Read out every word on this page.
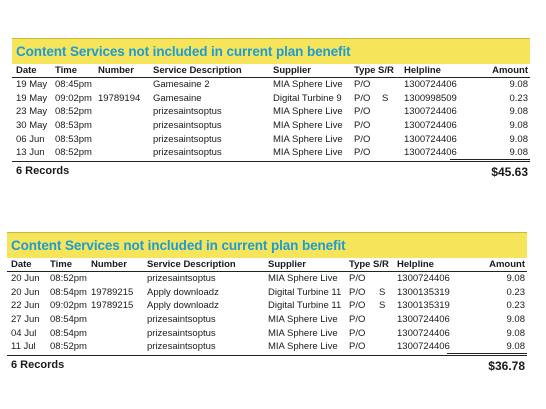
Content Services not included in current plan benefit
Date Time Number Service Description	Supplier	Type S/R Helpline	Amount
19 May 08:45pm	Gamesaine 2	MIA Sphere Live P/O	1300724406	9.08
19 May 09:02pm 19789194 Gamesaine	Digital Turbine 9 P/O S 1300998509	0.23
23 May 08:52pm	prizesaintsoptus	MIA Sphere Live P/O	1300724406	9.08
30 May 08:53pm	prizesaintsoptus	MIA Sphere Live P/O	1300724406	9.08
06 Jun 08:53pm	prizesaintsoptus	MIA Sphere Live P/O	1300724406	9.08
13 Jun 08:52pm	prizesaintsoptus	MIA Sphere Live P/O	1300724406	9.08
6 Records	$45.63
Content Services not included in current plan benefit
Date Time Number Service Description	Supplier	Type S/R Helpline	Amount
20 Jun 08:52pm	prizesaintsoptus	MIA Sphere Live P/O	1300724406	9.08
20 Jun 08:54pm 19789215 Apply downloadz	Digital Turbine 11 P/O S 1300135319	0.23
22 Jun 09:02pm 19789215 Apply downloadz	Digital Turbine 11 P/O S 1300135319	0.23
27 Jun 08:54pm	prizesaintsoptus	MIA Sphere Live P/O	1300724406	9.08
04 Jul 08:54pm	prizesaintsoptus	MIA Sphere Live P/O	1300724406	9.08
11 Jul 08:52pm	prizesaintsoptus	MIA Sphere Live P/O	1300724406	9.08
6 Records	$36.78
